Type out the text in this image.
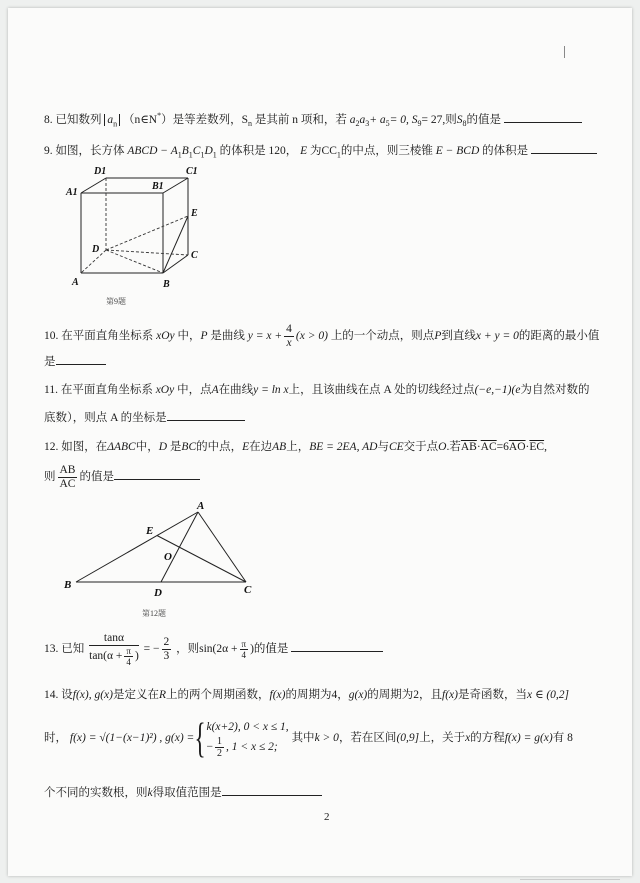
8. 已知数列 $a_n$ （n∈N*）是等差数列，$S_n$ 是其前 n 项和，若 $a_2a_3+ a_5= 0$, $S_9= 27$,则$S_8$的值是
9. 如图，长方体 ABCD − $A_1B_1C_1D_1$ 的体积是 120， E 为$CC_1$的中点，则三棱锥 E − BCD 的体积是
D1	C1
A1
B1
E
D
C
A	B
第9题
10. 在平面直角坐标系 xOy 中，P 是曲线 $y = x + \frac{4}{x} (x > 0)$ 上的一个动点，则点P到直线x + y = 0的距离的最小值
是
11. 在平面直角坐标系 xOy 中，点A在曲线y = ln x上，且该曲线在点 A 处的切线经过点(−e,−1)(e为自然对数的
底数），则点 A 的坐标是
12. 如图，在ΔABC中，D 是BC的中点，E在边AB上，BE = 2EA, AD与CE交于点O.若$\overline{AB}\cdot\overline{AC}=6\overline{AO}\cdot\overline{EC}$,
则 $\frac{AB}{AC}$ 的值是
A
E
O
B
D	C
第12题
13. 已知 $\frac{\tan\alpha}{\tan(\alpha + \frac{\pi}{4} )}$ = − $\frac{2}{3}$ ，则$\sin(2\alpha + \frac{\pi}{4}$ )的值是
14. 设f(x), g(x)是定义在R上的两个周期函数，f(x)的周期为4，g(x)的周期为2，且f(x)是奇函数，当x ∈ (0,2]
时， f(x) = √(1−(x−1)²) , g(x) ={ k(x+2), 0 < x ≤ 1,
− $\frac{1}{2}$ , 1 < x ≤ 2;
其中k > 0，若在区间(0,9]上，关于x的方程f(x) = g(x)有 8
个不同的实数根，则k得取值范围是
2
